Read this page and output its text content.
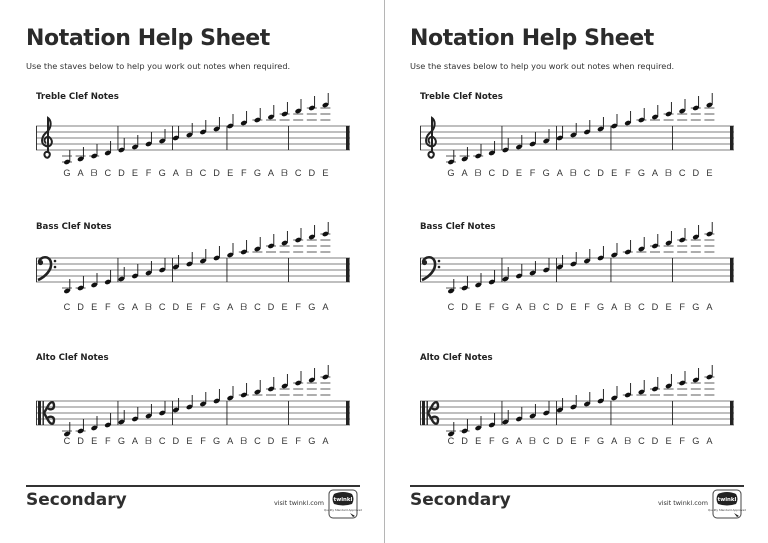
Notation Help Sheet
Use the staves below to help you work out notes when required.
Treble Clef Notes
G A ᗷ C D E F G A ᗷ C D E F G A ᗷ C D E
Bass Clef Notes
C D E F G A ᗷ C D E F G A ᗷ C D E F G A
Alto Clef Notes
C D E F G A ᗷ C D E F G A ᗷ C D E F G A
Secondary	visit twinkl.com twinkl
Quality Standard Approved
Notation Help Sheet
Use the staves below to help you work out notes when required.
Treble Clef Notes
G A ᗷ C D E F G A ᗷ C D E F G A ᗷ C D E
Bass Clef Notes
C D E F G A ᗷ C D E F G A ᗷ C D E F G A
Alto Clef Notes
C D E F G A ᗷ C D E F G A ᗷ C D E F G A
Secondary	visit twinkl.com twinkl
Quality Standard Approved
